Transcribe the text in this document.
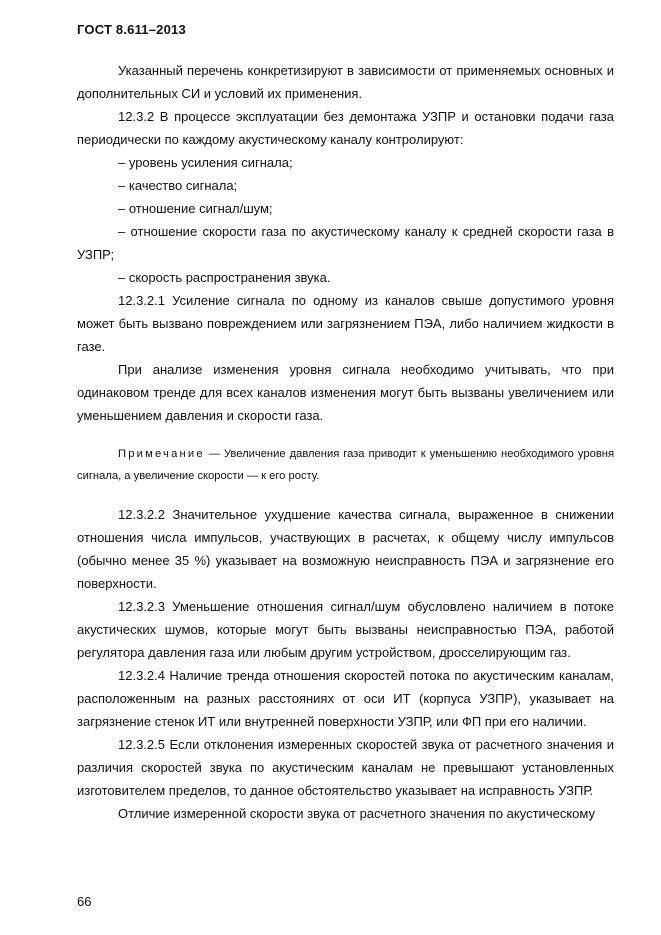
ГОСТ 8.611–2013

Указанный перечень конкретизируют в зависимости от применяемых основных и дополнительных СИ и условий их применения.

12.3.2 В процессе эксплуатации без демонтажа УЗПР и остановки подачи газа периодически по каждому акустическому каналу контролируют:

– уровень усиления сигнала;

– качество сигнала;

– отношение сигнал/шум;

– отношение скорости газа по акустическому каналу к средней скорости газа в УЗПР;

– скорость распространения звука.

12.3.2.1 Усиление сигнала по одному из каналов свыше допустимого уровня может быть вызвано повреждением или загрязнением ПЭА, либо наличием жидкости в газе.

При анализе изменения уровня сигнала необходимо учитывать, что при одинаковом тренде для всех каналов изменения могут быть вызваны увеличением или уменьшением давления и скорости газа.

Примечание — Увеличение давления газа приводит к уменьшению необходимого уровня сигнала, а увеличение скорости — к его росту.

12.3.2.2 Значительное ухудшение качества сигнала, выраженное в снижении отношения числа импульсов, участвующих в расчетах, к общему числу импульсов (обычно менее 35 %) указывает на возможную неисправность ПЭА и загрязнение его поверхности.

12.3.2.3 Уменьшение отношения сигнал/шум обусловлено наличием в потоке акустических шумов, которые могут быть вызваны неисправностью ПЭА, работой регулятора давления газа или любым другим устройством, дросселирующим газ.

12.3.2.4 Наличие тренда отношения скоростей потока по акустическим каналам, расположенным на разных расстояниях от оси ИТ (корпуса УЗПР), указывает на загрязнение стенок ИТ или внутренней поверхности УЗПР, или ФП при его наличии.

12.3.2.5 Если отклонения измеренных скоростей звука от расчетного значения и различия скоростей звука по акустическим каналам не превышают установленных изготовителем пределов, то данное обстоятельство указывает на исправность УЗПР.

Отличие измеренной скорости звука от расчетного значения по акустическому

66
